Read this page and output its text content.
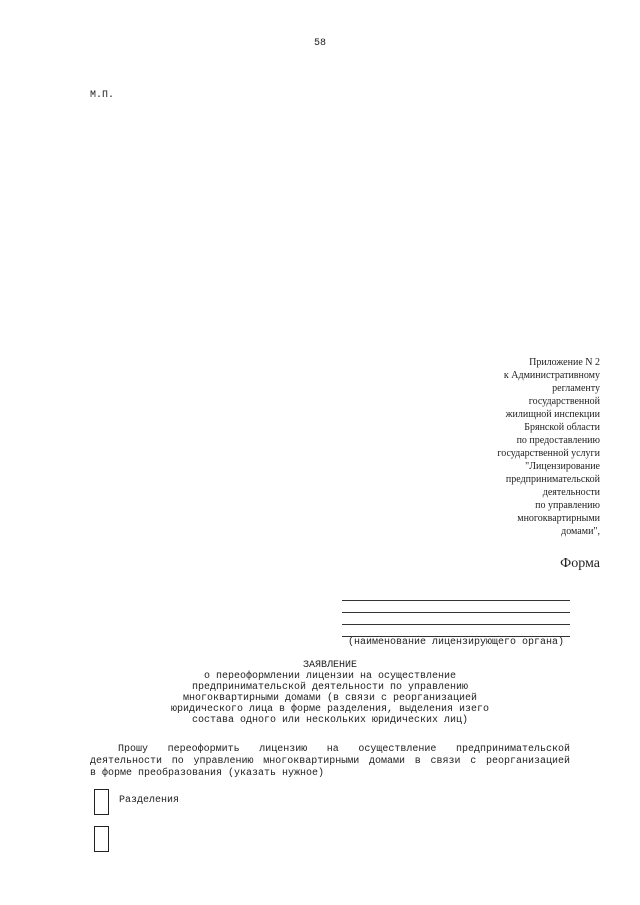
58
М.П.
Приложение N 2
к Административному
регламенту
государственной
жилищной инспекции
Брянской области
по предоставлению
государственной услуги
"Лицензирование
предпринимательской
деятельности
по управлению
многоквартирными
домами",
Форма
(наименование лицензирующего органа)
ЗАЯВЛЕНИЕ
о переоформлении лицензии на осуществление
предпринимательской деятельности по управлению
многоквартирными домами (в связи с реорганизацией
юридического лица в форме разделения, выделения изего
состава одного или нескольких юридических лиц)
Прошу переоформить лицензию на осуществление предпринимательской
деятельности по управлению многоквартирными домами в связи с реорганизацией
в форме преобразования (указать нужное)
Разделения
